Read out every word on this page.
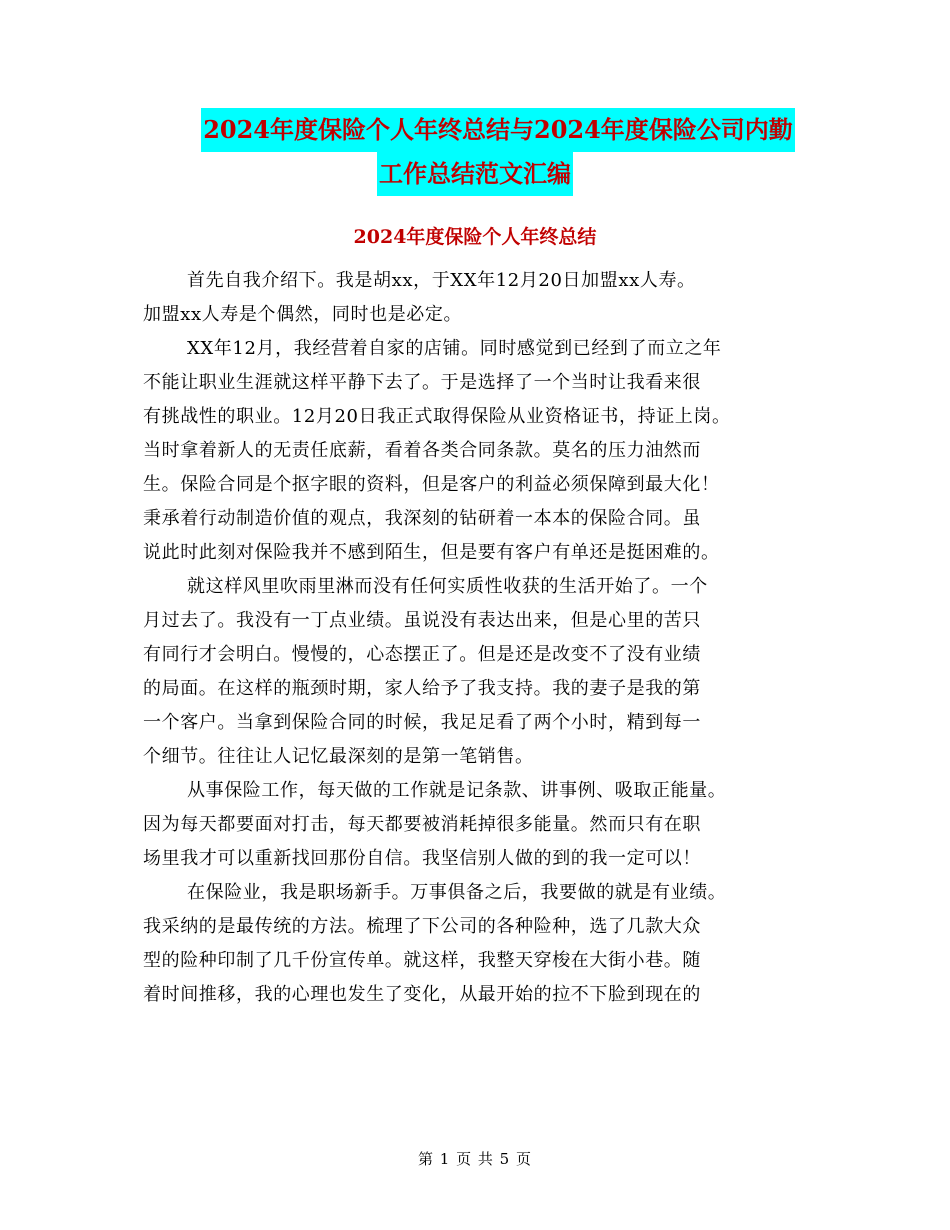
2024年度保险个人年终总结与2024年度保险公司内勤
工作总结范文汇编
2024年度保险个人年终总结
首先自我介绍下。我是胡xx，于XX年12月20日加盟xx人寿。
加盟xx人寿是个偶然，同时也是必定。
XX年12月，我经营着自家的店铺。同时感觉到已经到了而立之年
不能让职业生涯就这样平静下去了。于是选择了一个当时让我看来很
有挑战性的职业。12月20日我正式取得保险从业资格证书，持证上岗。
当时拿着新人的无责任底薪，看着各类合同条款。莫名的压力油然而
生。保险合同是个抠字眼的资料，但是客户的利益必须保障到最大化！
秉承着行动制造价值的观点，我深刻的钻研着一本本的保险合同。虽
说此时此刻对保险我并不感到陌生，但是要有客户有单还是挺困难的。
就这样风里吹雨里淋而没有任何实质性收获的生活开始了。一个
月过去了。我没有一丁点业绩。虽说没有表达出来，但是心里的苦只
有同行才会明白。慢慢的，心态摆正了。但是还是改变不了没有业绩
的局面。在这样的瓶颈时期，家人给予了我支持。我的妻子是我的第
一个客户。当拿到保险合同的时候，我足足看了两个小时，精到每一
个细节。往往让人记忆最深刻的是第一笔销售。
从事保险工作，每天做的工作就是记条款、讲事例、吸取正能量。
因为每天都要面对打击，每天都要被消耗掉很多能量。然而只有在职
场里我才可以重新找回那份自信。我坚信别人做的到的我一定可以！
在保险业，我是职场新手。万事俱备之后，我要做的就是有业绩。
我采纳的是最传统的方法。梳理了下公司的各种险种，选了几款大众
型的险种印制了几千份宣传单。就这样，我整天穿梭在大街小巷。随
着时间推移，我的心理也发生了变化，从最开始的拉不下脸到现在的
第 1 页 共 5 页
